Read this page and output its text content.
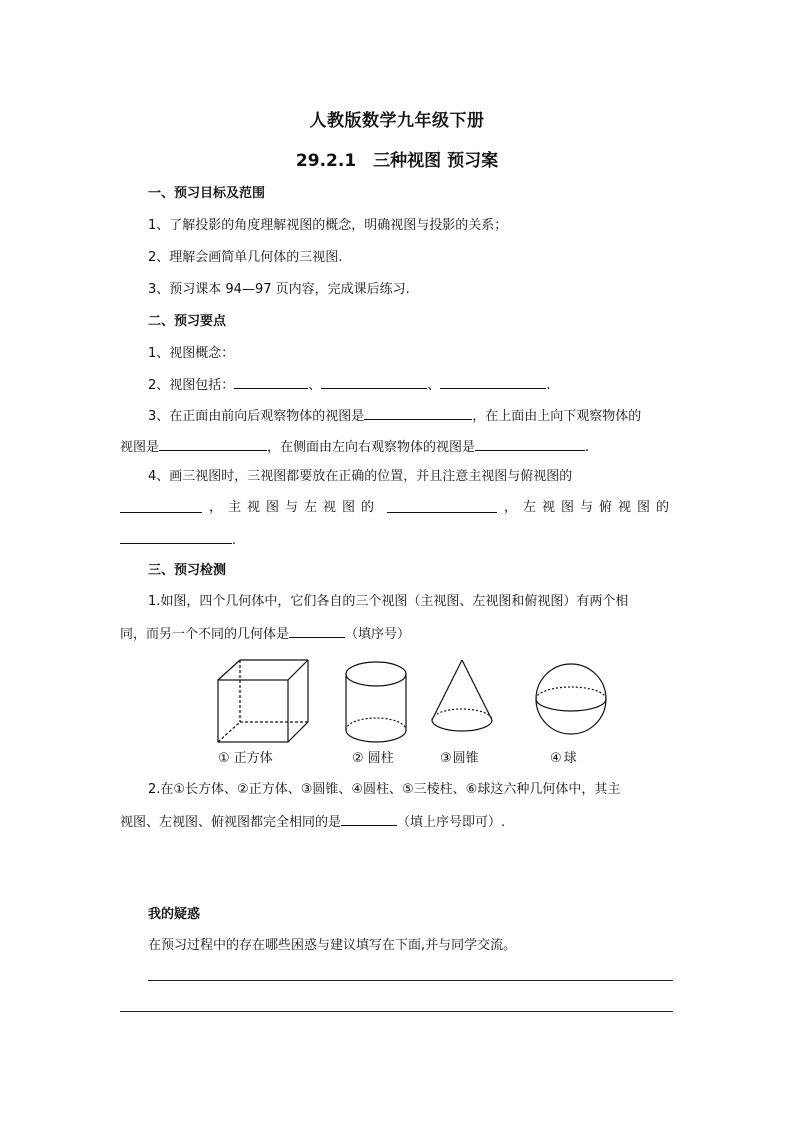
人教版数学九年级下册
29.2.1　三种视图 预习案
一、预习目标及范围
1、了解投影的角度理解视图的概念，明确视图与投影的关系；
2、理解会画简单几何体的三视图.
3、预习课本 94—97 页内容，完成课后练习.
二、预习要点
1、视图概念：
2、视图包括：	、	、	.
3、在正面由前向后观察物体的视图是	，在上面由上向下观察物体的
视图是	，在侧面由左向右观察物体的视图是	.
4、画三视图时，三视图都要放在正确的位置，并且注意主视图与俯视图的
，主视图与左视图的	，左视图与俯视图的
.
三、预习检测
1.如图，四个几何体中，它们各自的三个视图（主视图、左视图和俯视图）有两个相
同，而另一个不同的几何体是	（填序号）
① 正方体	② 圆柱	③圆锥	④ 球
2.在①长方体、②正方体、③圆锥、④圆柱、⑤三棱柱、⑥球这六种几何体中，其主
视图、左视图、俯视图都完全相同的是	（填上序号即可）.
我的疑惑
在预习过程中的存在哪些困惑与建议填写在下面,并与同学交流。
